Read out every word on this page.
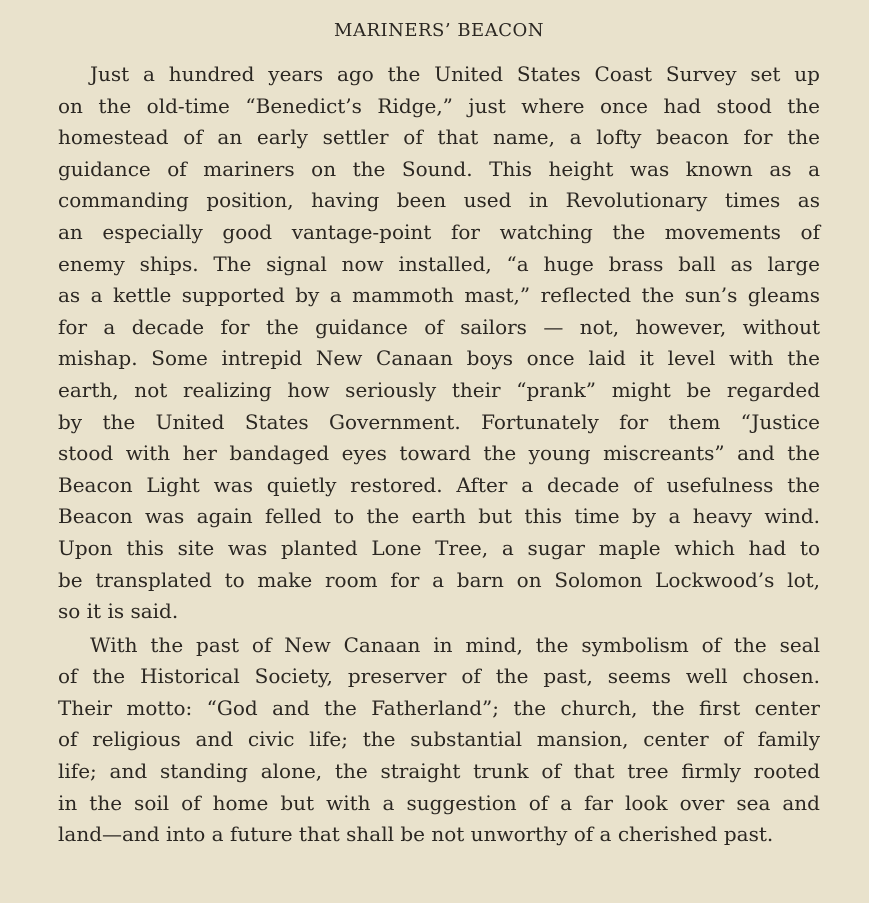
MARINERS’ BEACON

Just a hundred years ago the United States Coast Survey set up
on the old-time “Benedict’s Ridge,” just where once had stood the
homestead of an early settler of that name, a lofty beacon for the
guidance of mariners on the Sound. This height was known as a
commanding position, having been used in Revolutionary times as
an especially good vantage-point for watching the movements of
enemy ships. The signal now installed, “a huge brass ball as large
as a kettle supported by a mammoth mast,” reflected the sun’s gleams
for a decade for the guidance of sailors — not, however, without
mishap. Some intrepid New Canaan boys once laid it level with the
earth, not realizing how seriously their “prank” might be regarded
by the United States Government. Fortunately for them “Justice
stood with her bandaged eyes toward the young miscreants” and the
Beacon Light was quietly restored. After a decade of usefulness the
Beacon was again felled to the earth but this time by a heavy wind.
Upon this site was planted Lone Tree, a sugar maple which had to
be transplated to make room for a barn on Solomon Lockwood’s lot,
so it is said.

With the past of New Canaan in mind, the symbolism of the seal
of the Historical Society, preserver of the past, seems well chosen.
Their motto: “God and the Fatherland”; the church, the first center
of religious and civic life; the substantial mansion, center of family
life; and standing alone, the straight trunk of that tree firmly rooted
in the soil of home but with a suggestion of a far look over sea and
land—and into a future that shall be not unworthy of a cherished past.
